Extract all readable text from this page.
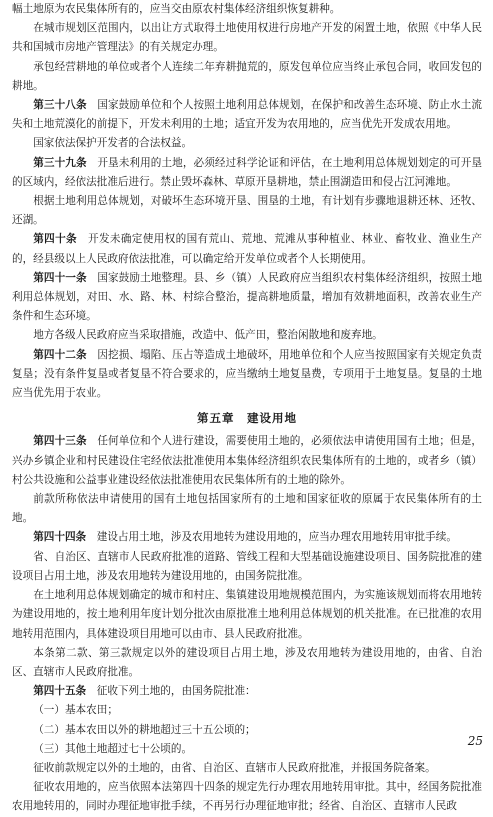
幅土地原为农民集体所有的，应当交由原农村集体经济组织恢复耕种。

在城市规划区范围内，以出让方式取得土地使用权进行房地产开发的闲置土地，依照《中华人民共和国城市房地产管理法》的有关规定办理。

承包经营耕地的单位或者个人连续二年弃耕抛荒的，原发包单位应当终止承包合同，收回发包的耕地。

第三十八条　 国家鼓励单位和个人按照土地利用总体规划，在保护和改善生态环境、防止水土流失和土地荒漠化的前提下，开发未利用的土地；适宜开发为农用地的，应当优先开发成农用地。

国家依法保护开发者的合法权益。

第三十九条　 开垦未利用的土地，必须经过科学论证和评估，在土地利用总体规划划定的可开垦的区域内，经依法批准后进行。禁止毁坏森林、草原开垦耕地，禁止围湖造田和侵占江河滩地。

根据土地利用总体规划，对破坏生态环境开垦、围垦的土地，有计划有步骤地退耕还林、还牧、还湖。

第四十条　 开发未确定使用权的国有荒山、荒地、荒滩从事种植业、林业、畜牧业、渔业生产的，经县级以上人民政府依法批准，可以确定给开发单位或者个人长期使用。

第四十一条　 国家鼓励土地整理。县、乡（镇）人民政府应当组织农村集体经济组织，按照土地利用总体规划，对田、水、路、林、村综合整治，提高耕地质量，增加有效耕地面积，改善农业生产条件和生态环境。

地方各级人民政府应当采取措施，改造中、低产田，整治闲散地和废弃地。

第四十二条　 因挖损、塌陷、压占等造成土地破坏，用地单位和个人应当按照国家有关规定负责复垦；没有条件复垦或者复垦不符合要求的，应当缴纳土地复垦费，专项用于土地复垦。复垦的土地应当优先用于农业。

第五章　建设用地

第四十三条　 任何单位和个人进行建设，需要使用土地的，必须依法申请使用国有土地；但是，兴办乡镇企业和村民建设住宅经依法批准使用本集体经济组织农民集体所有的土地的，或者乡（镇）村公共设施和公益事业建设经依法批准使用农民集体所有的土地的除外。

前款所称依法申请使用的国有土地包括国家所有的土地和国家征收的原属于农民集体所有的土地。

第四十四条　 建设占用土地，涉及农用地转为建设用地的，应当办理农用地转用审批手续。

省、自治区、直辖市人民政府批准的道路、管线工程和大型基础设施建设项目、国务院批准的建设项目占用土地，涉及农用地转为建设用地的，由国务院批准。

在土地利用总体规划确定的城市和村庄、集镇建设用地规模范围内，为实施该规划而将农用地转为建设用地的，按土地利用年度计划分批次由原批准土地利用总体规划的机关批准。在已批准的农用地转用范围内，具体建设项目用地可以由市、县人民政府批准。

本条第二款、第三款规定以外的建设项目占用土地，涉及农用地转为建设用地的，由省、自治区、直辖市人民政府批准。

第四十五条　 征收下列土地的，由国务院批准：

（一）基本农田；

（二）基本农田以外的耕地超过三十五公顷的；

（三）其他土地超过七十公顷的。

征收前款规定以外的土地的，由省、自治区、直辖市人民政府批准，并报国务院备案。

征收农用地的，应当依照本法第四十四条的规定先行办理农用地转用审批。其中，经国务院批准农用地转用的，同时办理征地审批手续，不再另行办理征地审批；经省、自治区、直辖市人民政

25
